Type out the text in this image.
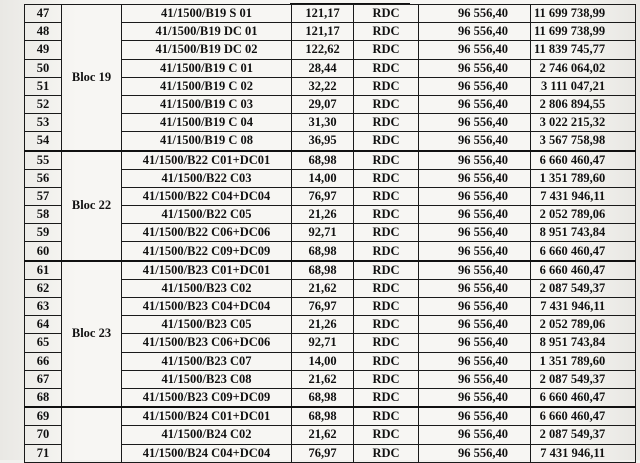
47	Bloc 19	41/1500/B19 S 01	121,17	RDC	96 556,40	11 699 738,99
48		41/1500/B19 DC 01	121,17	RDC	96 556,40	11 699 738,99
49		41/1500/B19 DC 02	122,62	RDC	96 556,40	11 839 745,77
50		41/1500/B19 C 01	28,44	RDC	96 556,40	2 746 064,02
51		41/1500/B19 C 02	32,22	RDC	96 556,40	3 111 047,21
52		41/1500/B19 C 03	29,07	RDC	96 556,40	2 806 894,55
53		41/1500/B19 C 04	31,30	RDC	96 556,40	3 022 215,32
54		41/1500/B19 C 08	36,95	RDC	96 556,40	3 567 758,98
55	Bloc 22	41/1500/B22 C01+DC01	68,98	RDC	96 556,40	6 660 460,47
56		41/1500/B22 C03	14,00	RDC	96 556,40	1 351 789,60
57		41/1500/B22 C04+DC04	76,97	RDC	96 556,40	7 431 946,11
58		41/1500/B22 C05	21,26	RDC	96 556,40	2 052 789,06
59		41/1500/B22 C06+DC06	92,71	RDC	96 556,40	8 951 743,84
60		41/1500/B22 C09+DC09	68,98	RDC	96 556,40	6 660 460,47
61	Bloc 23	41/1500/B23 C01+DC01	68,98	RDC	96 556,40	6 660 460,47
62		41/1500/B23 C02	21,62	RDC	96 556,40	2 087 549,37
63		41/1500/B23 C04+DC04	76,97	RDC	96 556,40	7 431 946,11
64		41/1500/B23 C05	21,26	RDC	96 556,40	2 052 789,06
65		41/1500/B23 C06+DC06	92,71	RDC	96 556,40	8 951 743,84
66		41/1500/B23 C07	14,00	RDC	96 556,40	1 351 789,60
67		41/1500/B23 C08	21,62	RDC	96 556,40	2 087 549,37
68		41/1500/B23 C09+DC09	68,98	RDC	96 556,40	6 660 460,47
69		41/1500/B24 C01+DC01	68,98	RDC	96 556,40	6 660 460,47
70		41/1500/B24 C02	21,62	RDC	96 556,40	2 087 549,37
71		41/1500/B24 C04+DC04	76,97	RDC	96 556,40	7 431 946,11
